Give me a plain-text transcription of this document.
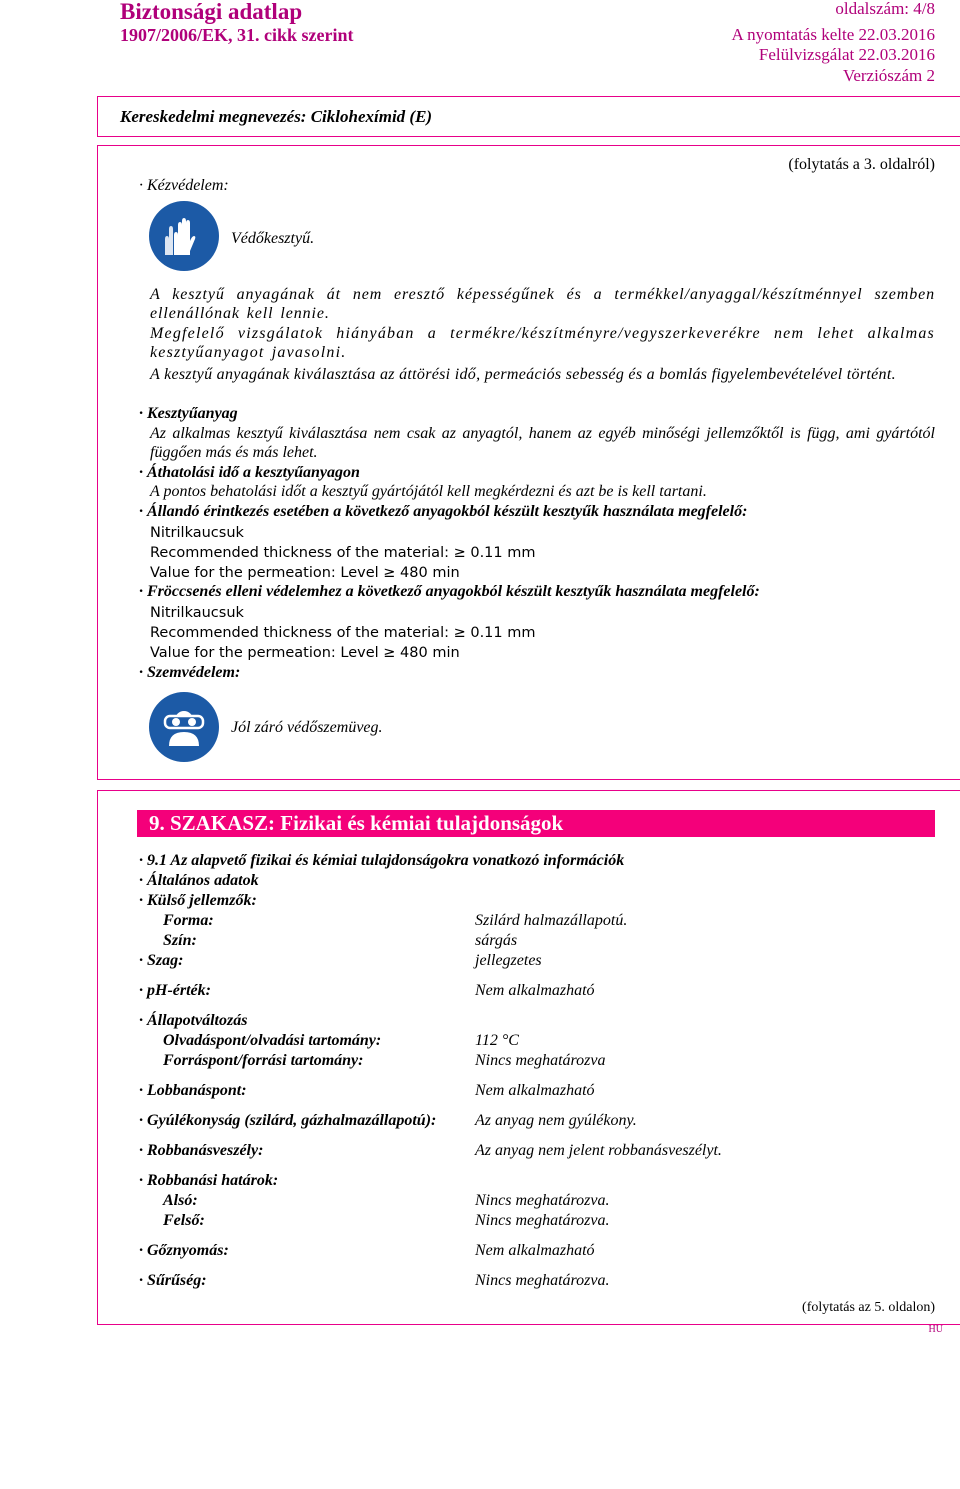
Biztonsági adatlap
1907/2006/EK, 31. cikk szerint
oldalszám: 4/8
A nyomtatás kelte 22.03.2016
Felülvizsgálat 22.03.2016
Verziószám 2
Kereskedelmi megnevezés: Ciklohexímid (E)
(folytatás a 3. oldalról)
· Kézvédelem:
Védőkesztyű.
A kesztyű anyagának át nem eresztő képességűnek és a termékkel/anyaggal/készítménnyel szemben ellenállónak kell lennie.
Megfelelő vizsgálatok hiányában a termékre/készítményre/vegyszerkeverékre nem lehet alkalmas kesztyűanyagot javasolni.
A kesztyű anyagának kiválasztása az áttörési idő, permeációs sebesség és a bomlás figyelembevételével történt.
· Kesztyűanyag
Az alkalmas kesztyű kiválasztása nem csak az anyagtól, hanem az egyéb minőségi jellemzőktől is függ, ami gyártótól függően más és más lehet.
· Áthatolási idő a kesztyűanyagon
A pontos behatolási időt a kesztyű gyártójától kell megkérdezni és azt be is kell tartani.
· Állandó érintkezés esetében a következő anyagokból készült kesztyűk használata megfelelő:
Nitrilkaucsuk
Recommended thickness of the material: ≥ 0.11 mm
Value for the permeation: Level ≥ 480 min
· Fröccsenés elleni védelemhez a következő anyagokból készült kesztyűk használata megfelelő:
Nitrilkaucsuk
Recommended thickness of the material: ≥ 0.11 mm
Value for the permeation: Level ≥ 480 min
· Szemvédelem:
Jól záró védőszemüveg.
9. SZAKASZ: Fizikai és kémiai tulajdonságok
· 9.1 Az alapvető fizikai és kémiai tulajdonságokra vonatkozó információk
· Általános adatok
· Külső jellemzők:
Forma:	Szilárd halmazállapotú.
Szín:	sárgás
· Szag:	jellegzetes
· pH-érték:	Nem alkalmazható
· Állapotváltozás
Olvadáspont/olvadási tartomány:	112 °C
Forráspont/forrási tartomány:	Nincs meghatározva
· Lobbanáspont:	Nem alkalmazható
· Gyúlékonyság (szilárd, gázhalmazállapotú): Az anyag nem gyúlékony.
· Robbanásveszély:	Az anyag nem jelent robbanásveszélyt.
· Robbanási határok:
Alsó:	Nincs meghatározva.
Felső:	Nincs meghatározva.
· Gőznyomás:	Nem alkalmazható
· Sűrűség:	Nincs meghatározva.
(folytatás az 5. oldalon)
HU
